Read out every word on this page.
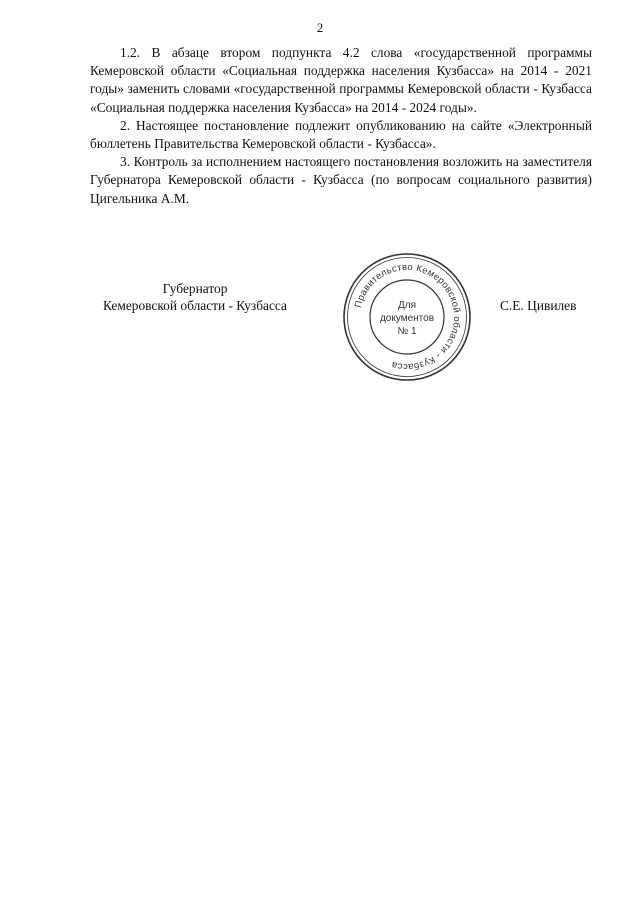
2

1.2. В абзаце втором подпункта 4.2 слова «государственной программы Кемеровской области «Социальная поддержка населения Кузбасса» на 2014 - 2021 годы» заменить словами «государственной программы Кемеровской области - Кузбасса «Социальная поддержка населения Кузбасса» на 2014 - 2024 годы».

2. Настоящее постановление подлежит опубликованию на сайте «Электронный бюллетень Правительства Кемеровской области - Кузбасса».

3. Контроль за исполнением настоящего постановления возложить на заместителя Губернатора Кемеровской области - Кузбасса (по вопросам социального развития) Цигельника А.М.

Губернатор
Кемеровской области - Кузбасса	Правительство Кемеровской области - Кузбасса
Для
документов
№ 1
С.Е. Цивилев
